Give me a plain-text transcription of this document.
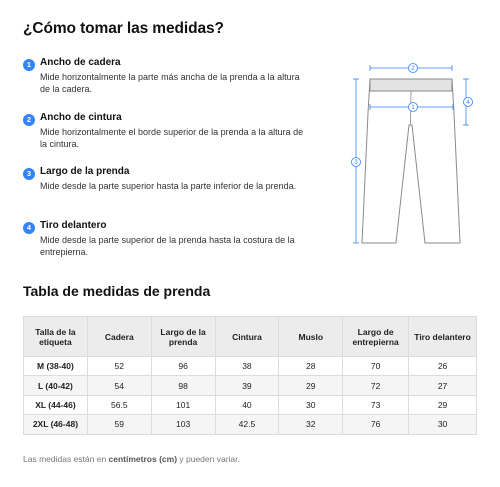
¿Cómo tomar las medidas?
1 Ancho de cadera
Mide horizontalmente la parte más ancha de la prenda a la altura de la cadera.
2 Ancho de cintura
Mide horizontalmente el borde superior de la prenda a la altura de la cintura.
3 Largo de la prenda
Mide desde la parte superior hasta la parte inferior de la prenda.
4 Tiro delantero
Mide desde la parte superior de la prenda hasta la costura de la entrepierna.
2
1
3
4
Tabla de medidas de prenda
Talla de la etiqueta	Cadera	Largo de la prenda	Cintura	Muslo	Largo de entrepierna	Tiro delantero
M (38-40)	52	96	38	28	70	26
L (40-42)	54	98	39	29	72	27
XL (44-46)	56.5	101	40	30	73	29
2XL (46-48)	59	103	42.5	32	76	30
Las medidas están en centímetros (cm) y pueden variar.
